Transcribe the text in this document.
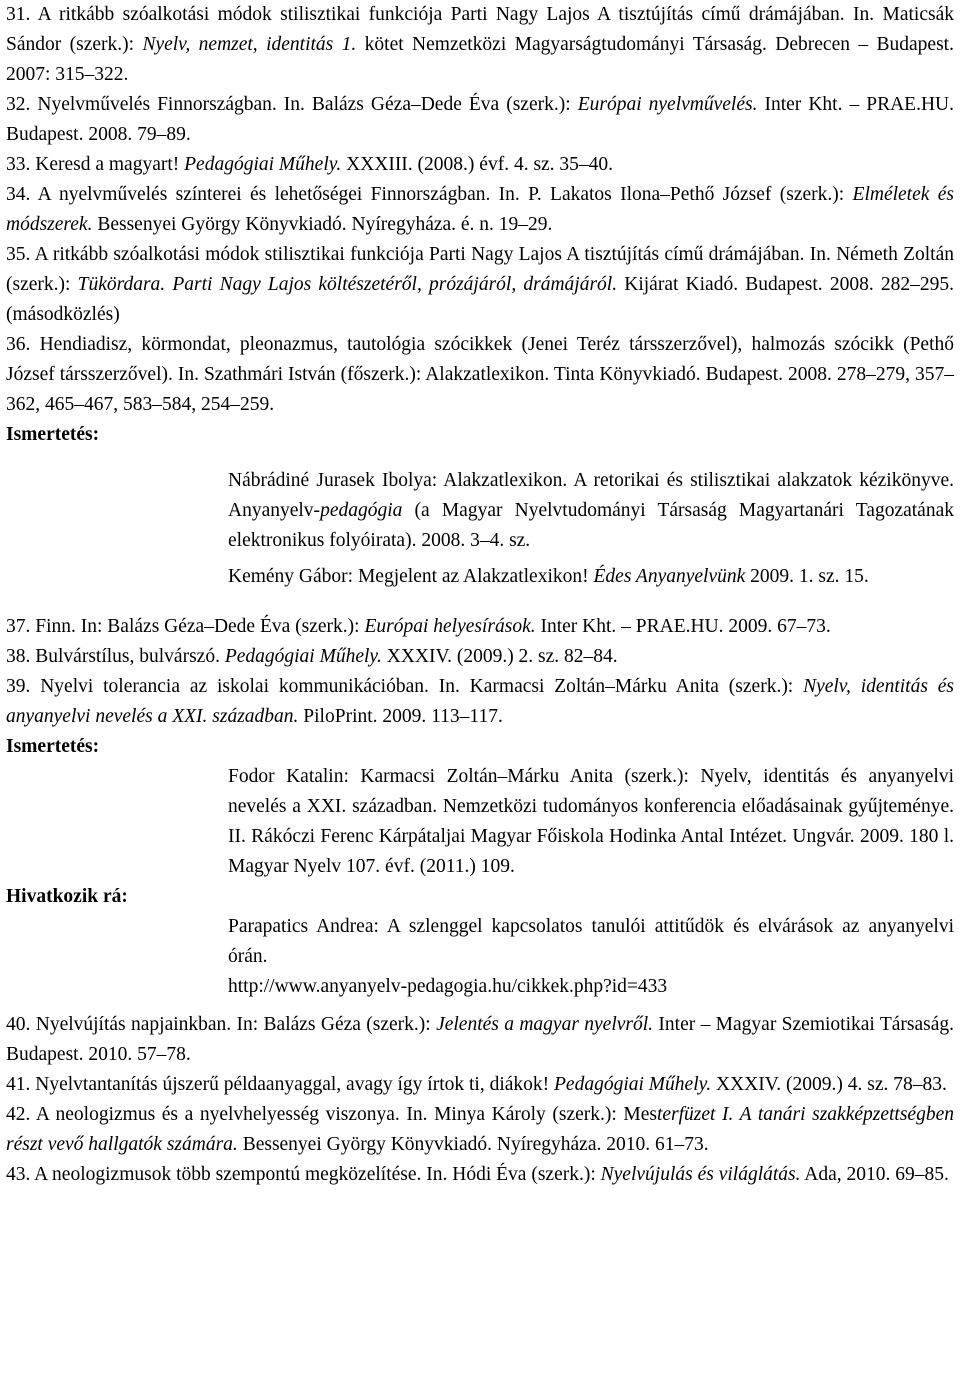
31. A ritkább szóalkotási módok stilisztikai funkciója Parti Nagy Lajos A tisztújítás című drámájában. In. Maticsák Sándor (szerk.): Nyelv, nemzet, identitás 1. kötet Nemzetközi Magyarságtudományi Társaság. Debrecen – Budapest. 2007: 315–322.

32. Nyelvművelés Finnországban. In. Balázs Géza–Dede Éva (szerk.): Európai nyelvművelés. Inter Kht. – PRAE.HU. Budapest. 2008. 79–89.

33. Keresd a magyart! Pedagógiai Műhely. XXXIII. (2008.) évf. 4. sz. 35–40.

34. A nyelvművelés színterei és lehetőségei Finnországban. In. P. Lakatos Ilona–Pethő József (szerk.): Elméletek és módszerek. Bessenyei György Könyvkiadó. Nyíregyháza. é. n. 19–29.

35. A ritkább szóalkotási módok stilisztikai funkciója Parti Nagy Lajos A tisztújítás című drámájában. In. Németh Zoltán (szerk.): Tükördara. Parti Nagy Lajos költészetéről, prózájáról, drámájáról. Kijárat Kiadó. Budapest. 2008. 282–295. (másodközlés)

36. Hendiadisz, körmondat, pleonazmus, tautológia szócikkek (Jenei Teréz társszerzővel), halmozás szócikk (Pethő József társszerzővel). In. Szathmári István (főszerk.): Alakzatlexikon. Tinta Könyvkiadó. Budapest. 2008. 278–279, 357–362, 465–467, 583–584, 254–259.

Ismertetés:

Nábrádiné Jurasek Ibolya: Alakzatlexikon. A retorikai és stilisztikai alakzatok kézikönyve. Anyanyelv-pedagógia (a Magyar Nyelvtudományi Társaság Magyartanári Tagozatának elektronikus folyóirata). 2008. 3–4. sz.

Kemény Gábor: Megjelent az Alakzatlexikon! Édes Anyanyelvünk 2009. 1. sz. 15.

37. Finn. In: Balázs Géza–Dede Éva (szerk.): Európai helyesírások. Inter Kht. – PRAE.HU. 2009. 67–73.

38. Bulvárstílus, bulvárszó. Pedagógiai Műhely. XXXIV. (2009.) 2. sz. 82–84.

39. Nyelvi tolerancia az iskolai kommunikációban. In. Karmacsi Zoltán–Márku Anita (szerk.): Nyelv, identitás és anyanyelvi nevelés a XXI. században. PiloPrint. 2009. 113–117.

Ismertetés:

Fodor Katalin: Karmacsi Zoltán–Márku Anita (szerk.): Nyelv, identitás és anyanyelvi nevelés a XXI. században. Nemzetközi tudományos konferencia előadásainak gyűjteménye. II. Rákóczi Ferenc Kárpátaljai Magyar Főiskola Hodinka Antal Intézet. Ungvár. 2009. 180 l. Magyar Nyelv 107. évf. (2011.) 109.

Hivatkozik rá:

Parapatics Andrea: A szlenggel kapcsolatos tanulói attitűdök és elvárások az anyanyelvi órán.

http://www.anyanyelv-pedagogia.hu/cikkek.php?id=433

40. Nyelvújítás napjainkban. In: Balázs Géza (szerk.): Jelentés a magyar nyelvről. Inter – Magyar Szemiotikai Társaság. Budapest. 2010. 57–78.

41. Nyelvtantanítás újszerű példaanyaggal, avagy így írtok ti, diákok! Pedagógiai Műhely. XXXIV. (2009.) 4. sz. 78–83.

42. A neologizmus és a nyelvhelyesség viszonya. In. Minya Károly (szerk.): Mesterfüzet I. A tanári szakképzettségben részt vevő hallgatók számára. Bessenyei György Könyvkiadó. Nyíregyháza. 2010. 61–73.

43. A neologizmusok több szempontú megközelítése. In. Hódi Éva (szerk.): Nyelvújulás és világlátás. Ada, 2010. 69–85.
